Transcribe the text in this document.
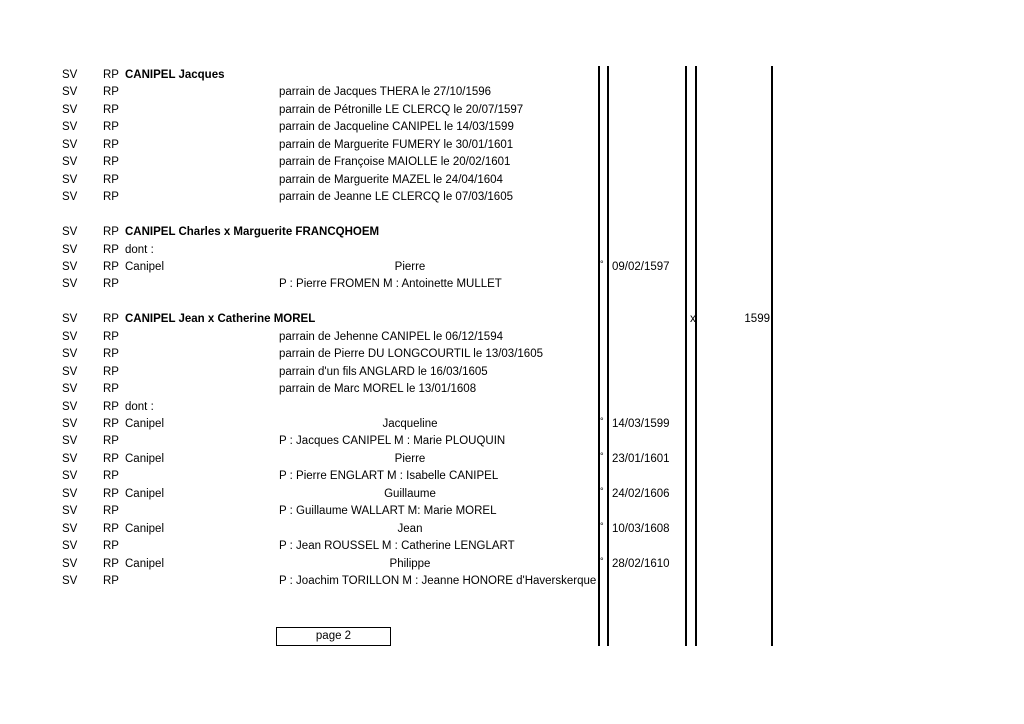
SV RP CANIPEL Jacques
SV RP	parrain de Jacques THERA le 27/10/1596
SV RP	parrain de Pétronille LE CLERCQ le 20/07/1597
SV RP	parrain de Jacqueline CANIPEL le 14/03/1599
SV RP	parrain de Marguerite FUMERY le 30/01/1601
SV RP	parrain de Françoise MAIOLLE le 20/02/1601
SV RP	parrain de Marguerite MAZEL le 24/04/1604
SV RP	parrain de Jeanne LE CLERCQ le 07/03/1605
SV RP CANIPEL Charles x Marguerite FRANCQHOEM
SV RP dont :
SV RP Canipel	Pierre	° 09/02/1597
SV RP	P : Pierre FROMEN M : Antoinette MULLET
SV RP CANIPEL Jean x Catherine MOREL	x	1599
SV RP	parrain de Jehenne CANIPEL le 06/12/1594
SV RP	parrain de Pierre DU LONGCOURTIL le 13/03/1605
SV RP	parrain d'un fils ANGLARD le 16/03/1605
SV RP	parrain de Marc MOREL le 13/01/1608
SV RP dont :
SV RP Canipel	Jacqueline	° 14/03/1599
SV RP	P : Jacques CANIPEL M : Marie PLOUQUIN
SV RP Canipel	Pierre	° 23/01/1601
SV RP	P : Pierre ENGLART M : Isabelle CANIPEL
SV RP Canipel	Guillaume	° 24/02/1606
SV RP	P : Guillaume WALLART M: Marie MOREL
SV RP Canipel	Jean	° 10/03/1608
SV RP	P : Jean ROUSSEL M : Catherine LENGLART
SV RP Canipel	Philippe	° 28/02/1610
SV RP	P : Joachim TORILLON M : Jeanne HONORE d'Haverskerque
page 2
